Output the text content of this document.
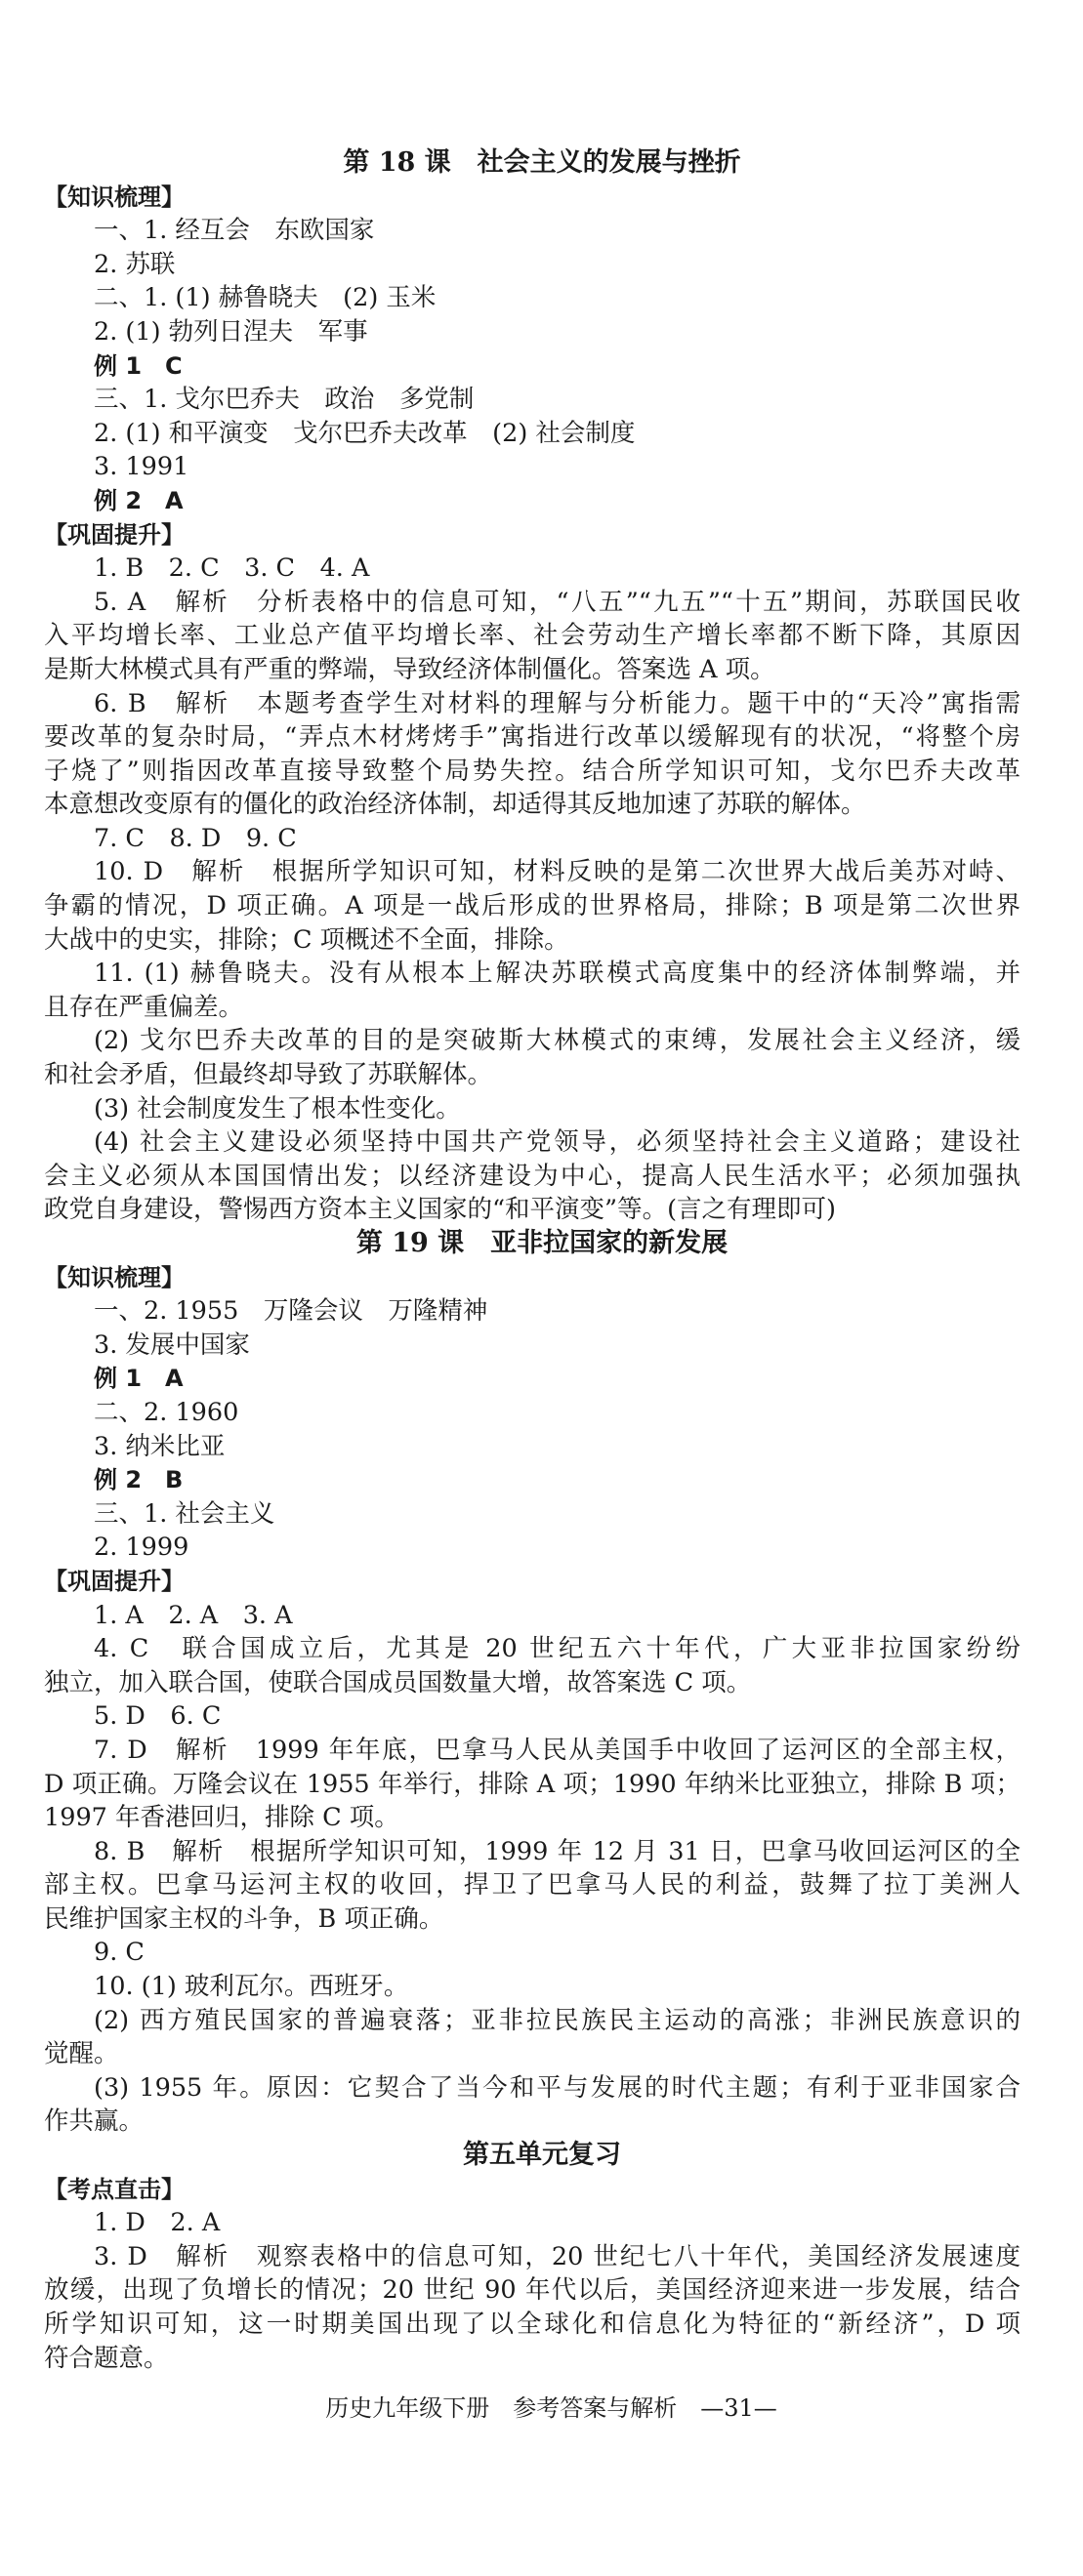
第 18 课　社会主义的发展与挫折
【知识梳理】
一、1. 经互会　东欧国家
2. 苏联
二、1. (1) 赫鲁晓夫　(2) 玉米
2. (1) 勃列日涅夫　军事
例 1　C
三、1. 戈尔巴乔夫　政治　多党制
2. (1) 和平演变　戈尔巴乔夫改革　(2) 社会制度
3. 1991
例 2　A
【巩固提升】
1. B　2. C　3. C　4. A
5. A　解析　分析表格中的信息可知，“八五”“九五”“十五”期间，苏联国民收
入平均增长率、工业总产值平均增长率、社会劳动生产增长率都不断下降，其原因
是斯大林模式具有严重的弊端，导致经济体制僵化。答案选 A 项。
6. B　解析　本题考查学生对材料的理解与分析能力。题干中的“天冷”寓指需
要改革的复杂时局，“弄点木材烤烤手”寓指进行改革以缓解现有的状况，“将整个房
子烧了”则指因改革直接导致整个局势失控。结合所学知识可知，戈尔巴乔夫改革
本意想改变原有的僵化的政治经济体制，却适得其反地加速了苏联的解体。
7. C　8. D　9. C
10. D　解析　根据所学知识可知，材料反映的是第二次世界大战后美苏对峙、
争霸的情况，D 项正确。A 项是一战后形成的世界格局，排除；B 项是第二次世界
大战中的史实，排除；C 项概述不全面，排除。
11. (1) 赫鲁晓夫。没有从根本上解决苏联模式高度集中的经济体制弊端，并
且存在严重偏差。
(2) 戈尔巴乔夫改革的目的是突破斯大林模式的束缚，发展社会主义经济，缓
和社会矛盾，但最终却导致了苏联解体。
(3) 社会制度发生了根本性变化。
(4) 社会主义建设必须坚持中国共产党领导，必须坚持社会主义道路；建设社
会主义必须从本国国情出发；以经济建设为中心，提高人民生活水平；必须加强执
政党自身建设，警惕西方资本主义国家的“和平演变”等。(言之有理即可)
第 19 课　亚非拉国家的新发展
【知识梳理】
一、2. 1955　万隆会议　万隆精神
3. 发展中国家
例 1　A
二、2. 1960
3. 纳米比亚
例 2　B
三、1. 社会主义
2. 1999
【巩固提升】
1. A　2. A　3. A
4. C　联合国成立后，尤其是 20 世纪五六十年代，广大亚非拉国家纷纷
独立，加入联合国，使联合国成员国数量大增，故答案选 C 项。
5. D　6. C
7. D　解析　1999 年年底，巴拿马人民从美国手中收回了运河区的全部主权，
D 项正确。万隆会议在 1955 年举行，排除 A 项；1990 年纳米比亚独立，排除 B 项；
1997 年香港回归，排除 C 项。
8. B　解析　根据所学知识可知，1999 年 12 月 31 日，巴拿马收回运河区的全
部主权。巴拿马运河主权的收回，捍卫了巴拿马人民的利益，鼓舞了拉丁美洲人
民维护国家主权的斗争，B 项正确。
9. C
10. (1) 玻利瓦尔。西班牙。
(2) 西方殖民国家的普遍衰落；亚非拉民族民主运动的高涨；非洲民族意识的
觉醒。
(3) 1955 年。原因：它契合了当今和平与发展的时代主题；有利于亚非国家合
作共赢。
第五单元复习
【考点直击】
1. D　2. A
3. D　解析　观察表格中的信息可知，20 世纪七八十年代，美国经济发展速度
放缓，出现了负增长的情况；20 世纪 90 年代以后，美国经济迎来进一步发展，结合
所学知识可知，这一时期美国出现了以全球化和信息化为特征的“新经济”，D 项
符合题意。
历史九年级下册　参考答案与解析　—31—
